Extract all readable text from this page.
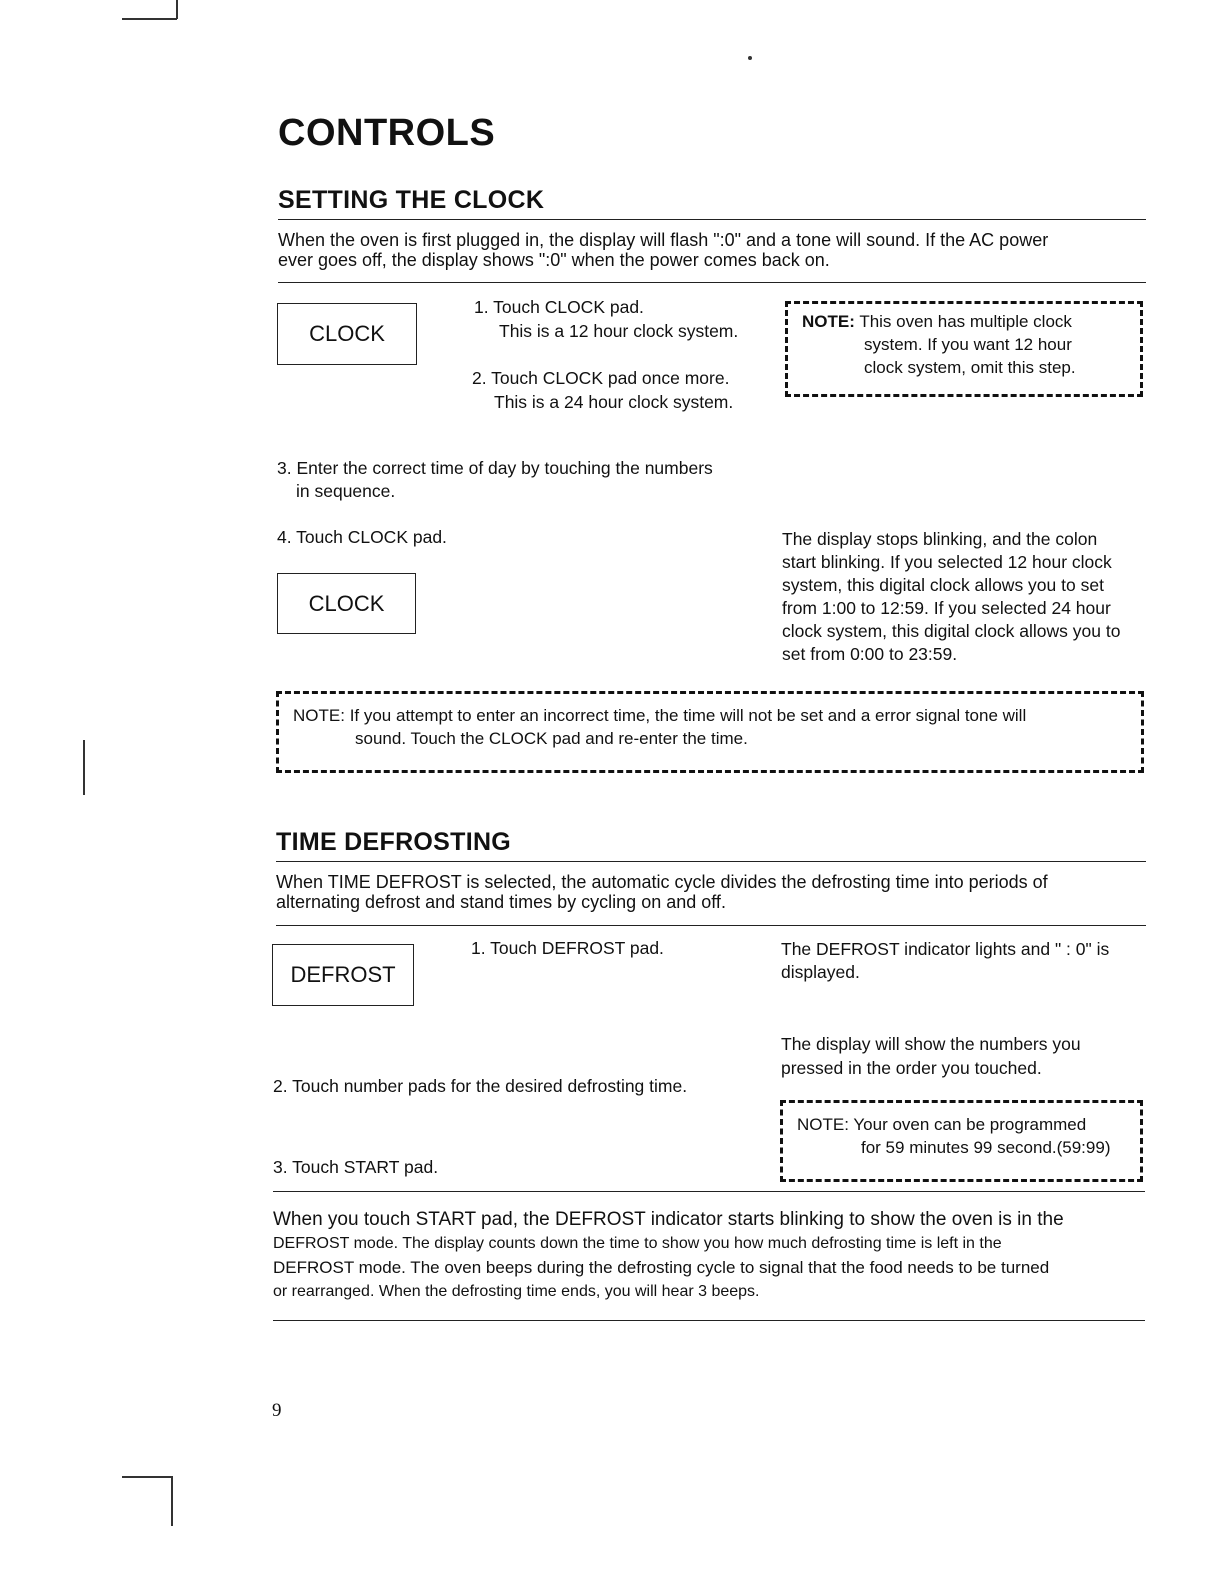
CONTROLS
SETTING THE CLOCK
When the oven is first plugged in, the display will flash ":0" and a tone will sound. If the AC power
ever goes off, the display shows ":0" when the power comes back on.
CLOCK
1. Touch CLOCK pad.
This is a 12 hour clock system.
2. Touch CLOCK pad once more.
This is a 24 hour clock system.
NOTE: This oven has multiple clock
system. If you want 12 hour
clock system, omit this step.
3. Enter the correct time of day by touching the numbers
in sequence.
4. Touch CLOCK pad.
CLOCK
The display stops blinking, and the colon
start blinking. If you selected 12 hour clock
system, this digital clock allows you to set
from 1:00 to 12:59. If you selected 24 hour
clock system, this digital clock allows you to
set from 0:00 to 23:59.
NOTE: If you attempt to enter an incorrect time, the time will not be set and a error signal tone will
sound. Touch the CLOCK pad and re-enter the time.
TIME DEFROSTING
When TIME DEFROST is selected, the automatic cycle divides the defrosting time into periods of
alternating defrost and stand times by cycling on and off.
DEFROST
1. Touch DEFROST pad.	The DEFROST indicator lights and " : 0" is
displayed.
The display will show the numbers you
pressed in the order you touched.
2. Touch number pads for the desired defrosting time.
NOTE: Your oven can be programmed
for 59 minutes 99 second.(59:99)
3. Touch START pad.
When you touch START pad, the DEFROST indicator starts blinking to show the oven is in the
DEFROST mode. The display counts down the time to show you how much defrosting time is left in the
DEFROST mode. The oven beeps during the defrosting cycle to signal that the food needs to be turned
or rearranged. When the defrosting time ends, you will hear 3 beeps.
9
